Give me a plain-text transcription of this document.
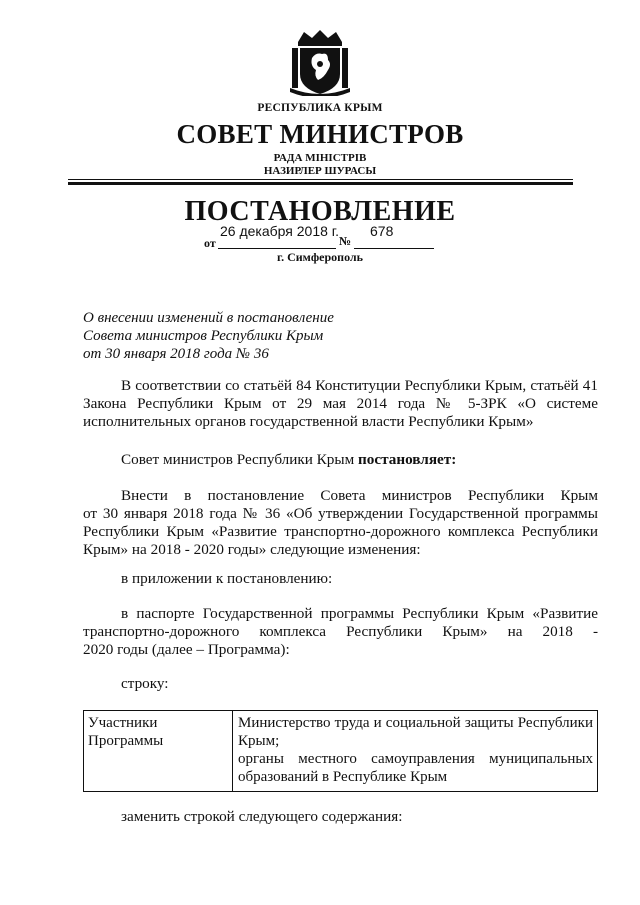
РЕСПУБЛИКА КРЫМ
СОВЕТ МИНИСТРОВ
РАДА МІНІСТРІВ
НАЗИРЛЕР ШУРАСЫ
ПОСТАНОВЛЕНИЕ
от	№
26 декабря 2018 г. 678
г. Симферополь
О внесении изменений в постановление
Совета министров Республики Крым
от 30 января 2018 года № 36
В соответствии со статьёй 84 Конституции Республики Крым, статьёй 41
Закона Республики Крым от 29 мая 2014 года № 5-ЗРК «О системе
исполнительных органов государственной власти Республики Крым»
Совет министров Республики Крым постановляет:
Внести в постановление Совета министров Республики Крым
от 30 января 2018 года № 36 «Об утверждении Государственной программы
Республики Крым «Развитие транспортно-дорожного комплекса Республики
Крым» на 2018 - 2020 годы» следующие изменения:
в приложении к постановлению:
в паспорте Государственной программы Республики Крым «Развитие
транспортно-дорожного комплекса Республики Крым» на 2018 -
2020 годы (далее – Программа):
строку:
Участники
Программы
Министерство труда и социальной защиты Республики
Крым;
органы местного самоуправления муниципальных
образований в Республике Крым
заменить строкой следующего содержания:
